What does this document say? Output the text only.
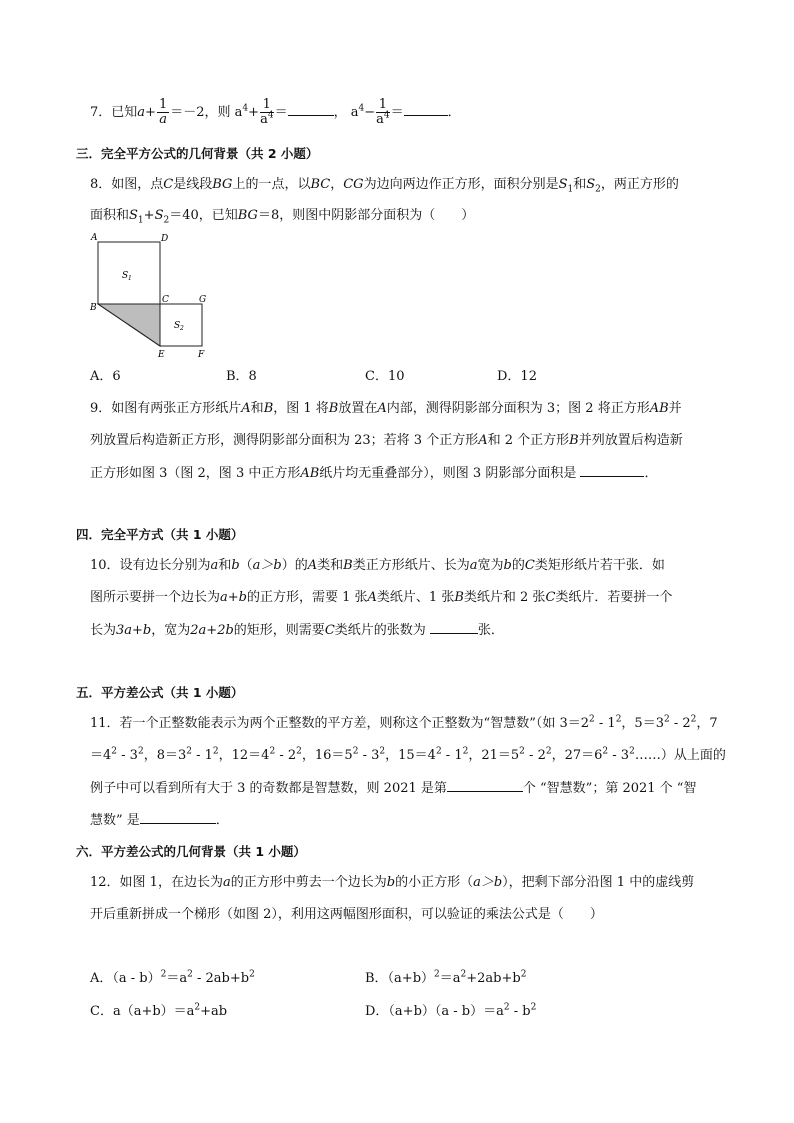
7．已知$a+ \frac{1}{a} =-2$，则 $a^4+ \frac{1}{a^4}$ ＝	， $a^4- \frac{1}{a^4}$ ＝	．
三．完全平方公式的几何背景（共 2 小题）
8．如图，点C是线段BG上的一点，以BC，CG为边向两边作正方形，面积分别是$S_1$和$S_2$，两正方形的
面积和$S_1+S_2=40$，已知BG＝8，则图中阴影部分面积为（　　）
A	D
B
C	G
E	F
S 1
S 2
A．6	B．8	C．10	D．12
9．如图有两张正方形纸片A和B，图 1 将B放置在A内部，测得阴影部分面积为 3；图 2 将正方形AB并
列放置后构造新正方形，测得阴影部分面积为 23；若将 3 个正方形A和 2 个正方形B并列放置后构造新
正方形如图 3（图 2，图 3 中正方形AB纸片均无重叠部分），则图 3 阴影部分面积是	．
四．完全平方式（共 1 小题）
10．设有边长分别为a和b（a＞b）的A类和B类正方形纸片、长为a宽为b的C类矩形纸片若干张．如
图所示要拼一个边长为a+b的正方形，需要 1 张A类纸片、1 张B类纸片和 2 张C类纸片．若要拼一个
长为3a+b，宽为2a+2b的矩形，则需要C类纸片的张数为	张．
五．平方差公式（共 1 小题）
11．若一个正整数能表示为两个正整数的平方差，则称这个正整数为“智慧数”（如 $3=2^2 - 1^2$，$5=3^2 - 2^2$，7
$=4^2 - 3^2$，$8=3^2 - 1^2$，$12=4^2 - 2^2$，$16=5^2 - 3^2$，$15=4^2 - 1^2$，$21=5^2 - 2^2$，$27=6^2$ - $3^2\dots\dots$）从上面的
例子中可以看到所有大于 3 的奇数都是智慧数，则 2021 是第	个 “智慧数”；第 2021 个 “智
慧数” 是	．
六．平方差公式的几何背景（共 1 小题）
12．如图 1，在边长为a的正方形中剪去一个边长为b的小正方形（a＞b），把剩下部分沿图 1 中的虚线剪
开后重新拼成一个梯形（如图 2），利用这两幅图形面积，可以验证的乘法公式是（　　）
A．$(a - b)^2=a^2 - 2ab+b^2$	B．$(a+b)^2=a^2+2ab+b^2$
C．$a(a+b)=a^2+ab$	D．$(a+b)(a - b)=a^2 - b^2$
